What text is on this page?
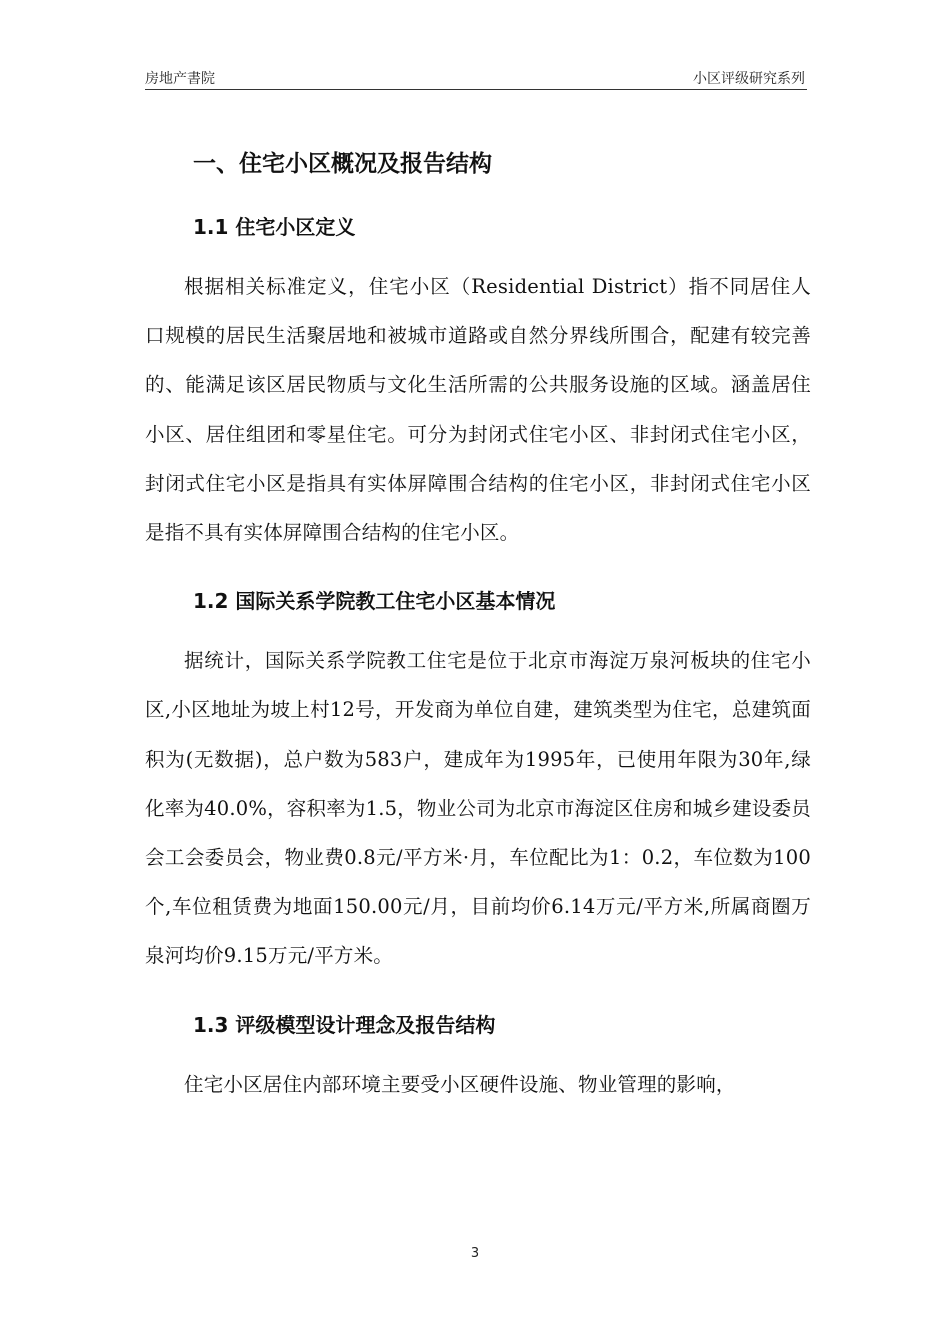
房地产書院	小区评级研究系列
一、住宅小区概况及报告结构
1.1 住宅小区定义

根据相关标准定义，住宅小区（Residential District）指不同居住人口规模的居民生活聚居地和被城市道路或自然分界线所围合，配建有较完善的、能满足该区居民物质与文化生活所需的公共服务设施的区域。涵盖居住小区、居住组团和零星住宅。可分为封闭式住宅小区、非封闭式住宅小区，封闭式住宅小区是指具有实体屏障围合结构的住宅小区，非封闭式住宅小区是指不具有实体屏障围合结构的住宅小区。

1.2 国际关系学院教工住宅小区基本情况

据统计，国际关系学院教工住宅是位于北京市海淀万泉河板块的住宅小区,小区地址为坡上村12号，开发商为单位自建，建筑类型为住宅，总建筑面积为(无数据)，总户数为583户，建成年为1995年，已使用年限为30年,绿化率为40.0%，容积率为1.5，物业公司为北京市海淀区住房和城乡建设委员会工会委员会，物业费0.8元/平方米·月，车位配比为1：0.2，车位数为100个,车位租赁费为地面150.00元/月，目前均价6.14万元/平方米,所属商圈万泉河均价9.15万元/平方米。

1.3 评级模型设计理念及报告结构

住宅小区居住内部环境主要受小区硬件设施、物业管理的影响，

3
